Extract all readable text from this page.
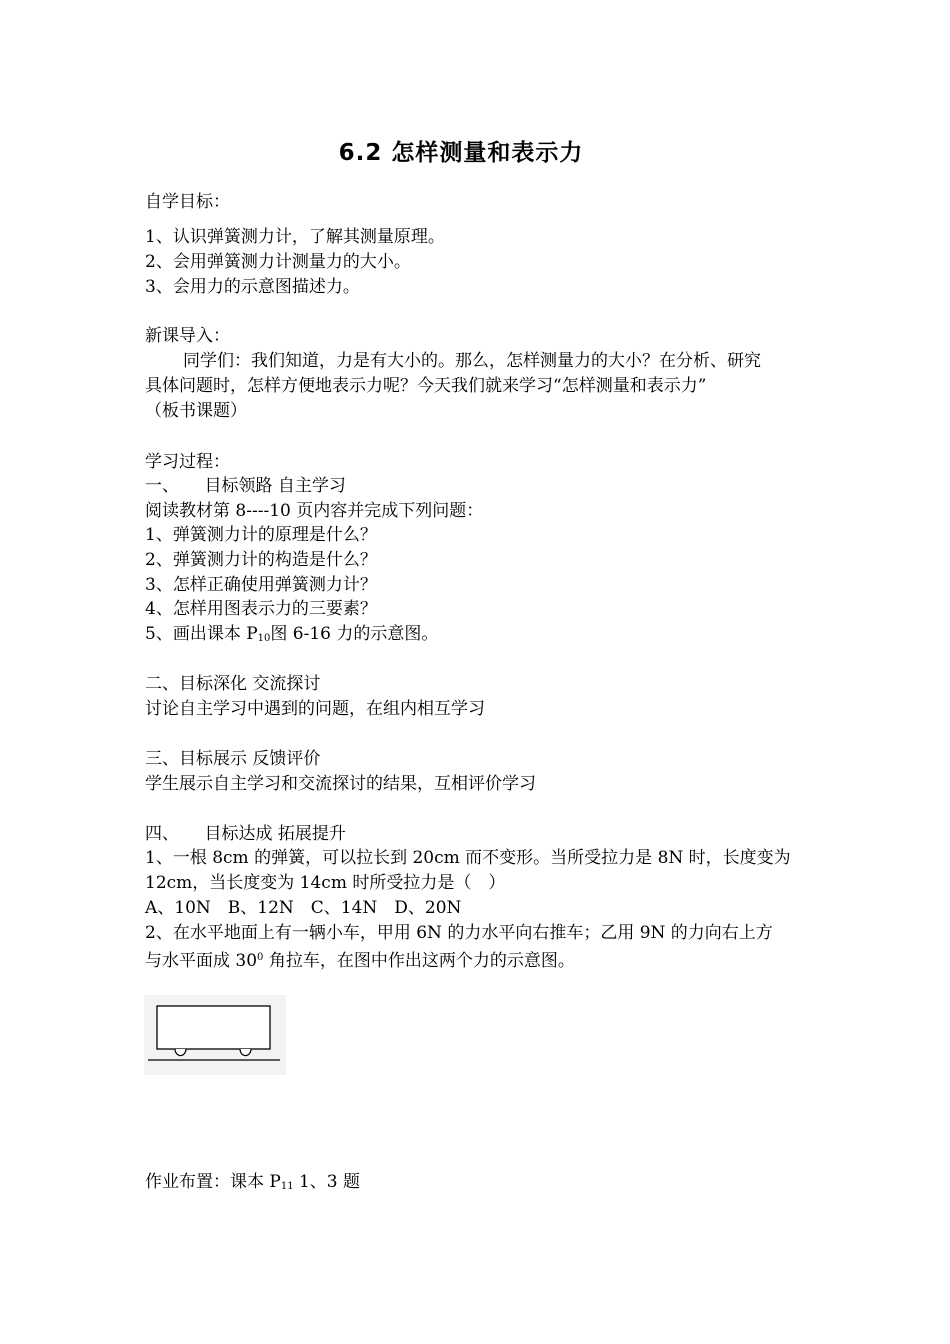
6.2 怎样测量和表示力
自学目标：
1、认识弹簧测力计，了解其测量原理。
2、会用弹簧测力计测量力的大小。
3、会用力的示意图描述力。
新课导入：
同学们：我们知道，力是有大小的。那么，怎样测量力的大小？在分析、研究
具体问题时，怎样方便地表示力呢？今天我们就来学习“怎样测量和表示力”
（板书课题）
学习过程：
一、　　目标领路 自主学习
阅读教材第 8----10 页内容并完成下列问题：
1、弹簧测力计的原理是什么？
2、弹簧测力计的构造是什么？
3、怎样正确使用弹簧测力计？
4、怎样用图表示力的三要素？
5、画出课本 $P_{10}$图 6-16 力的示意图。
二、目标深化 交流探讨
讨论自主学习中遇到的问题，在组内相互学习
三、目标展示 反馈评价
学生展示自主学习和交流探讨的结果，互相评价学习
四、　　目标达成 拓展提升
1、一根 8cm 的弹簧，可以拉长到 20cm 而不变形。当所受拉力是 8N 时，长度变为
12cm，当长度变为 14cm 时所受拉力是（　）
A、10N　B、12N　C、14N　D、20N
2、在水平地面上有一辆小车，甲用 6N 的力水平向右推车；乙用 9N 的力向右上方
与水平面成 $30^0$ 角拉车，在图中作出这两个力的示意图。
作业布置：课本 $P_{11}$ 1、3 题
